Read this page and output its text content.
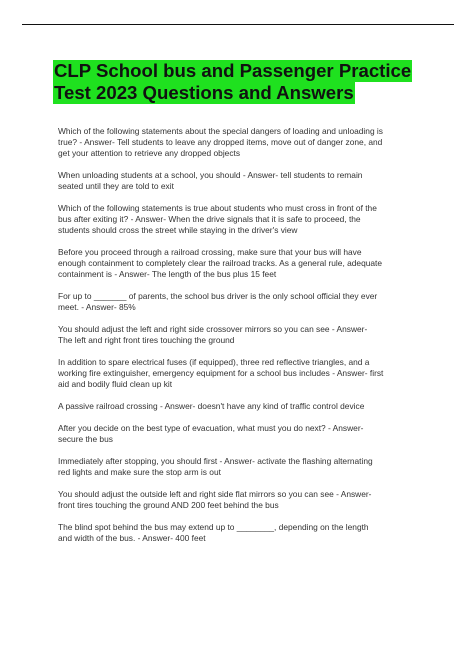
CLP School bus and Passenger Practice
Test 2023 Questions and Answers

Which of the following statements about the special dangers of loading and unloading is
true? - Answer- Tell students to leave any dropped items, move out of danger zone, and
get your attention to retrieve any dropped objects

When unloading students at a school, you should - Answer- tell students to remain
seated until they are told to exit

Which of the following statements is true about students who must cross in front of the
bus after exiting it? - Answer- When the drive signals that it is safe to proceed, the
students should cross the street while staying in the driver's view

Before you proceed through a railroad crossing, make sure that your bus will have
enough containment to completely clear the railroad tracks. As a general rule, adequate
containment is - Answer- The length of the bus plus 15 feet

For up to _______ of parents, the school bus driver is the only school official they ever
meet. - Answer- 85%

You should adjust the left and right side crossover mirrors so you can see - Answer-
The left and right front tires touching the ground

In addition to spare electrical fuses (if equipped), three red reflective triangles, and a
working fire extinguisher, emergency equipment for a school bus includes - Answer- first
aid and bodily fluid clean up kit

A passive railroad crossing - Answer- doesn't have any kind of traffic control device

After you decide on the best type of evacuation, what must you do next? - Answer-
secure the bus

Immediately after stopping, you should first - Answer- activate the flashing alternating
red lights and make sure the stop arm is out

You should adjust the outside left and right side flat mirrors so you can see - Answer-
front tires touching the ground AND 200 feet behind the bus

The blind spot behind the bus may extend up to ________, depending on the length
and width of the bus. - Answer- 400 feet
